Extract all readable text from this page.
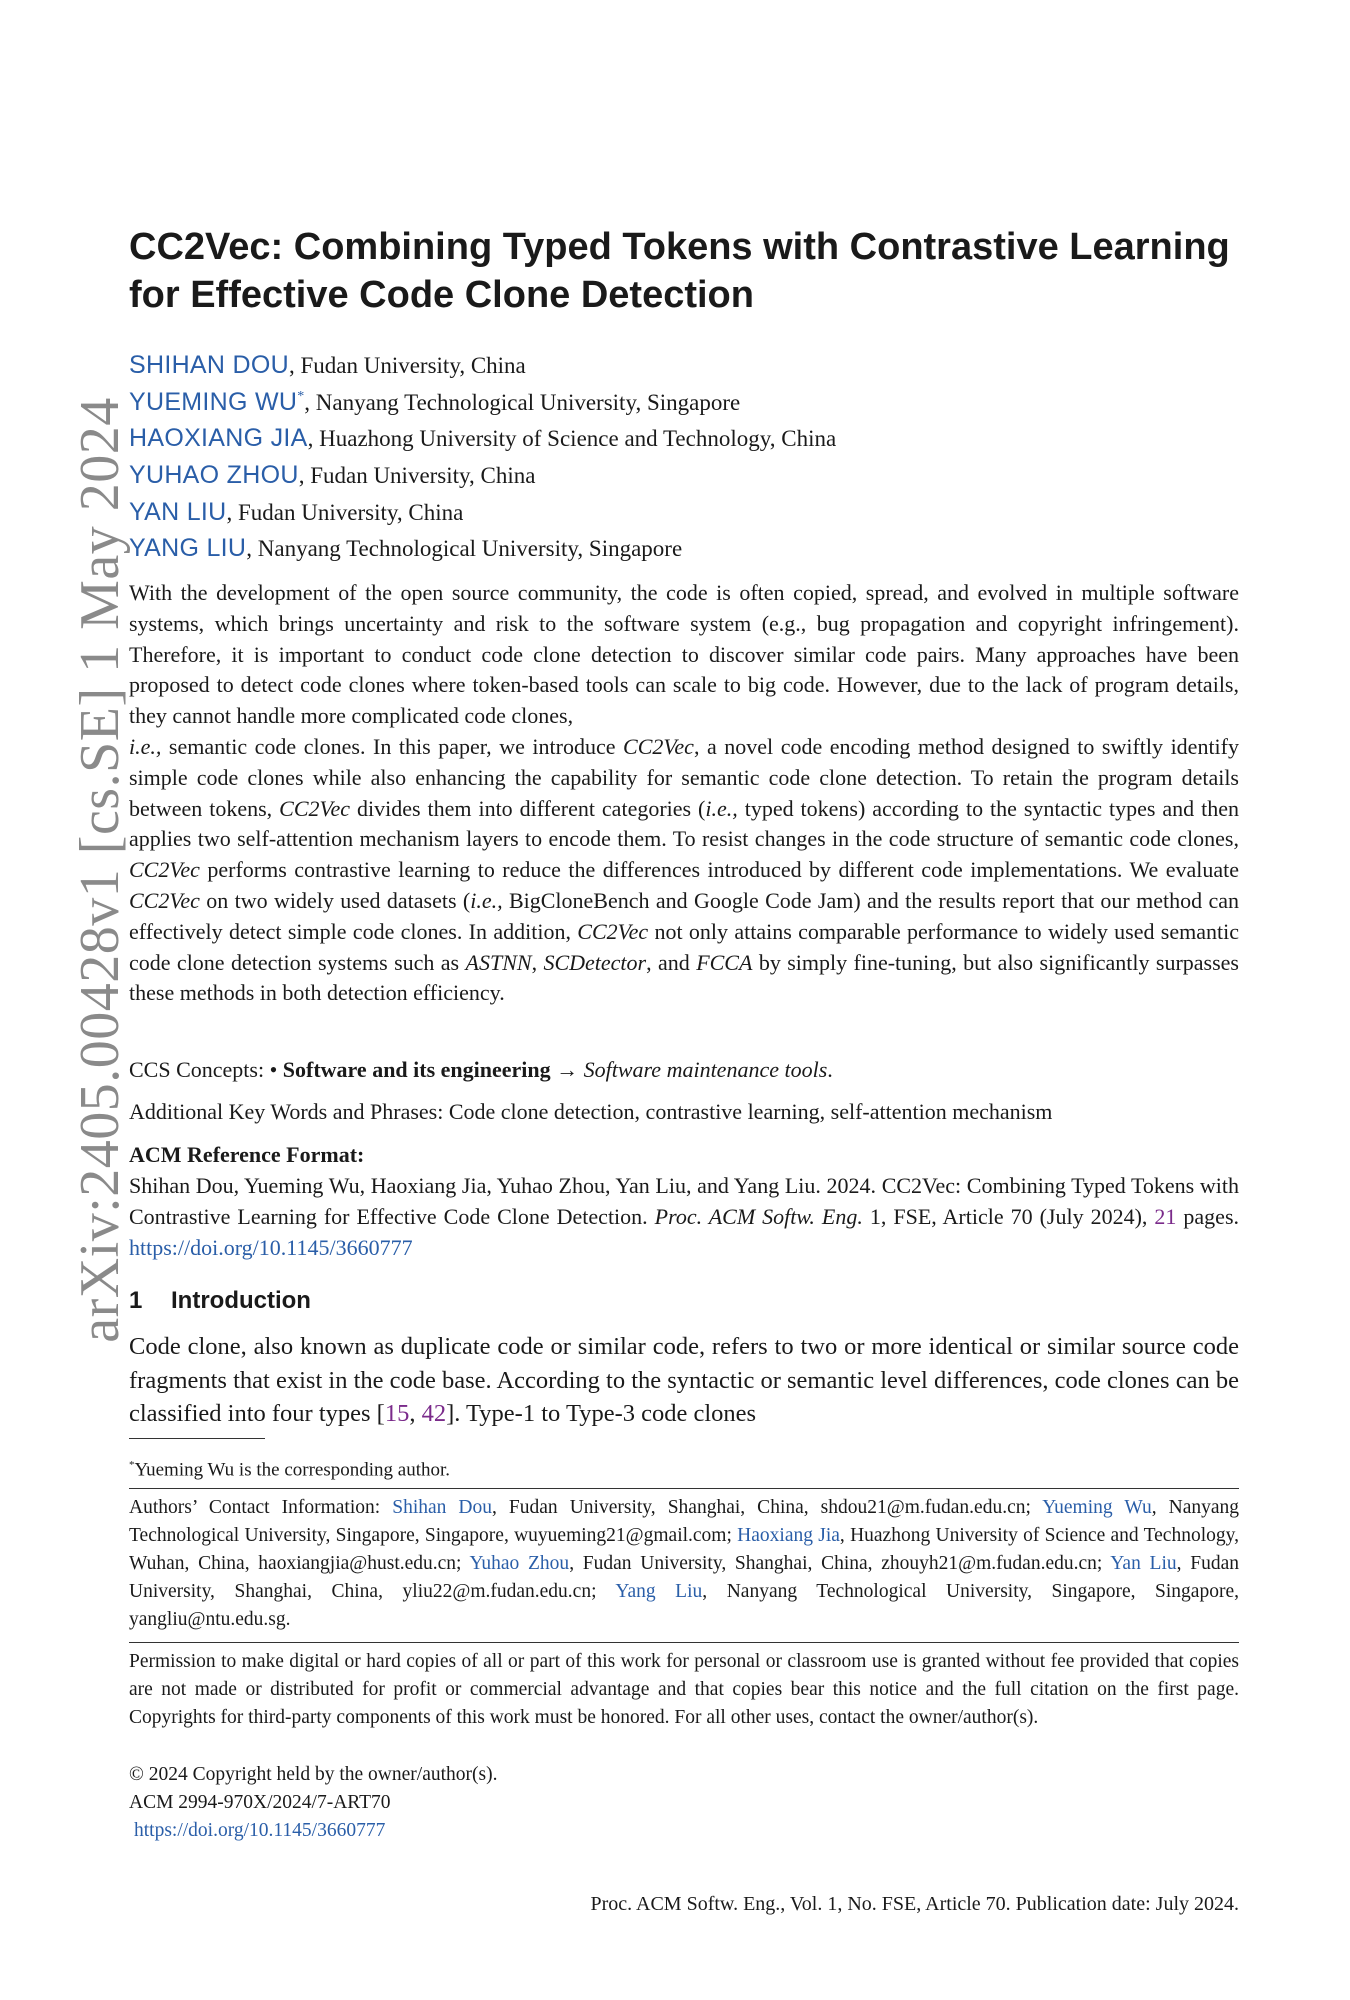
arXiv:2405.00428v1 [cs.SE] 1 May 2024
CC2Vec: Combining Typed Tokens with Contrastive Learning for Effective Code Clone Detection
SHIHAN DOU, Fudan University, China
YUEMING WU*, Nanyang Technological University, Singapore
HAOXIANG JIA, Huazhong University of Science and Technology, China
YUHAO ZHOU, Fudan University, China
YAN LIU, Fudan University, China
YANG LIU, Nanyang Technological University, Singapore

With the development of the open source community, the code is often copied, spread, and evolved in multiple software systems, which brings uncertainty and risk to the software system (e.g., bug propagation and copyright infringement). Therefore, it is important to conduct code clone detection to discover similar code pairs. Many approaches have been proposed to detect code clones where token-based tools can scale to big code. However, due to the lack of program details, they cannot handle more complicated code clones,
i.e., semantic code clones. In this paper, we introduce CC2Vec, a novel code encoding method designed to swiftly identify simple code clones while also enhancing the capability for semantic code clone detection. To retain the program details between tokens, CC2Vec divides them into different categories (i.e., typed tokens) according to the syntactic types and then applies two self-attention mechanism layers to encode them. To resist changes in the code structure of semantic code clones, CC2Vec performs contrastive learning to reduce the differences introduced by different code implementations. We evaluate CC2Vec on two widely used datasets (i.e., BigCloneBench and Google Code Jam) and the results report that our method can effectively detect simple code clones. In addition, CC2Vec not only attains comparable performance to widely used semantic code clone detection systems such as ASTNN, SCDetector, and FCCA by simply fine-tuning, but also significantly surpasses these methods in both detection efficiency.

CCS Concepts: • Software and its engineering → Software maintenance tools.

Additional Key Words and Phrases: Code clone detection, contrastive learning, self-attention mechanism

ACM Reference Format:

Shihan Dou, Yueming Wu, Haoxiang Jia, Yuhao Zhou, Yan Liu, and Yang Liu. 2024. CC2Vec: Combining Typed Tokens with Contrastive Learning for Effective Code Clone Detection. Proc. ACM Softw. Eng. 1, FSE, Article 70 (July 2024), 21 pages. https://doi.org/10.1145/3660777

1 Introduction

Code clone, also known as duplicate code or similar code, refers to two or more identical or similar source code fragments that exist in the code base. According to the syntactic or semantic level differences, code clones can be classified into four types [15, 42]. Type-1 to Type-3 code clones

*Yueming Wu is the corresponding author.

Authors’ Contact Information: Shihan Dou, Fudan University, Shanghai, China, shdou21@m.fudan.edu.cn; Yueming Wu, Nanyang Technological University, Singapore, Singapore, wuyueming21@gmail.com; Haoxiang Jia, Huazhong University of Science and Technology, Wuhan, China, haoxiangjia@hust.edu.cn; Yuhao Zhou, Fudan University, Shanghai, China, zhouyh21@m.fudan.edu.cn; Yan Liu, Fudan University, Shanghai, China, yliu22@m.fudan.edu.cn; Yang Liu, Nanyang Technological University, Singapore, Singapore, yangliu@ntu.edu.sg.

Permission to make digital or hard copies of all or part of this work for personal or classroom use is granted without fee provided that copies are not made or distributed for profit or commercial advantage and that copies bear this notice and the full citation on the first page. Copyrights for third-party components of this work must be honored. For all other uses, contact the owner/author(s).

© 2024 Copyright held by the owner/author(s).
ACM 2994-970X/2024/7-ART70
https://doi.org/10.1145/3660777
Proc. ACM Softw. Eng., Vol. 1, No. FSE, Article 70. Publication date: July 2024.
